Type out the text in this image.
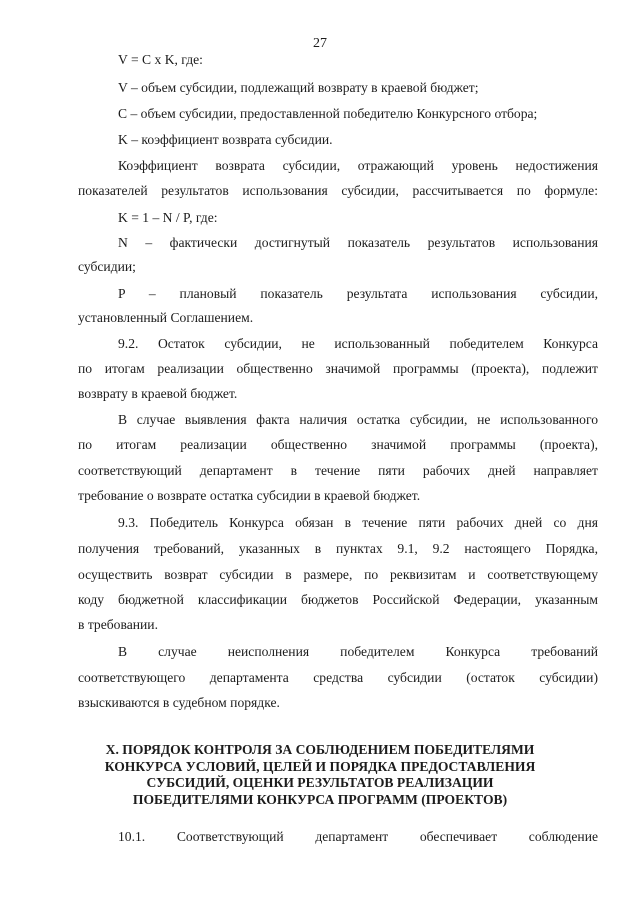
27
V = C x K, где:
V – объем субсидии, подлежащий возврату в краевой бюджет;
C – объем субсидии, предоставленной победителю Конкурсного отбора;
K – коэффициент возврата субсидии.
Коэффициент возврата субсидии, отражающий уровень недостижения
показателей результатов использования субсидии, рассчитывается по формуле:
K = 1 – N / P, где:
N – фактически достигнутый показатель результатов использования
субсидии;
P – плановый показатель результата использования субсидии,
установленный Соглашением.
9.2. Остаток субсидии, не использованный победителем Конкурса
по итогам реализации общественно значимой программы (проекта), подлежит
возврату в краевой бюджет.
В случае выявления факта наличия остатка субсидии, не использованного
по итогам реализации общественно значимой программы (проекта),
соответствующий департамент в течение пяти рабочих дней направляет
требование о возврате остатка субсидии в краевой бюджет.
9.3. Победитель Конкурса обязан в течение пяти рабочих дней со дня
получения требований, указанных в пунктах 9.1, 9.2 настоящего Порядка,
осуществить возврат субсидии в размере, по реквизитам и соответствующему
коду бюджетной классификации бюджетов Российской Федерации, указанным
в требовании.
В случае неисполнения победителем Конкурса требований
соответствующего департамента средства субсидии (остаток субсидии)
взыскиваются в судебном порядке.
X. ПОРЯДОК КОНТРОЛЯ ЗА СОБЛЮДЕНИЕМ ПОБЕДИТЕЛЯМИ
КОНКУРСА УСЛОВИЙ, ЦЕЛЕЙ И ПОРЯДКА ПРЕДОСТАВЛЕНИЯ
СУБСИДИЙ, ОЦЕНКИ РЕЗУЛЬТАТОВ РЕАЛИЗАЦИИ
ПОБЕДИТЕЛЯМИ КОНКУРСА ПРОГРАММ (ПРОЕКТОВ)
10.1. Соответствующий департамент обеспечивает соблюдение
